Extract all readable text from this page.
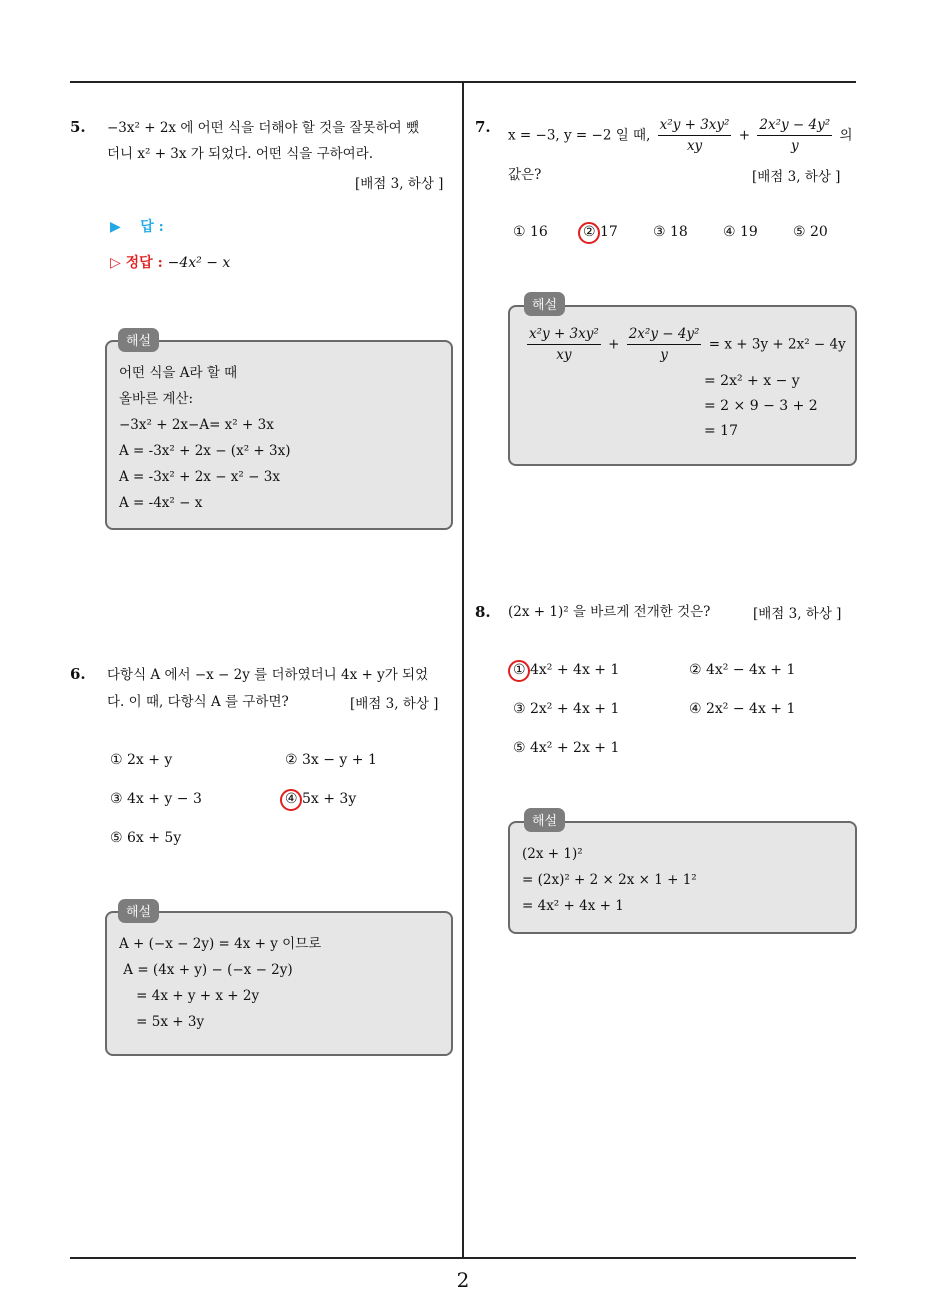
5. −3x² + 2x 에 어떤 식을 더해야 할 것을 잘못하여 뺐
더니 x² + 3x 가 되었다. 어떤 식을 구하여라.
[배점 3, 하상 ]
▶ 답 :
▷ 정답 : −4x² − x
어떤 식을 A라 할 때
올바른 계산:
−3x² + 2x−A= x² + 3x
A = -3x² + 2x − (x² + 3x)
A = -3x² + 2x − x² − 3x
A = -4x² − x
해설
6. 다항식 A 에서 −x − 2y 를 더하였더니 4x + y가 되었
다. 이 때, 다항식 A 를 구하면?	[배점 3, 하상 ]
① 2x + y	② 3x − y + 1
③ 4x + y − 3	④ 5x + 3y
⑤ 6x + 5y
A + (−x − 2y) = 4x + y 이므로
A = (4x + y) − (−x − 2y)
= 4x + y + x + 2y
= 5x + 3y
해설
7. x = −3, y = −2 일 때, $\frac{\text{x²y + 3xy²}}{xy} + \frac{\text{2x²y − 4y²}}{y}$ 의
값은?	[배점 3, 하상 ]
① 16	② 17	③ 18	④ 19	⑤ 20
$\frac{\text{x²y + 3xy²}}{xy} + \frac{\text{2x²y − 4y²}}{y} = x + 3y + 2x^2 - 4y$
= 2x² + x − y
= 2 × 9 − 3 + 2
= 17
해설
8. (2x + 1)² 을 바르게 전개한 것은?	[배점 3, 하상 ]
① 4x² + 4x + 1	② 4x² − 4x + 1
③ 2x² + 4x + 1	④ 2x² − 4x + 1
⑤ 4x² + 2x + 1
(2x + 1)²
= (2x)² + 2 × 2x × 1 + 1²
= 4x² + 4x + 1
해설
2
